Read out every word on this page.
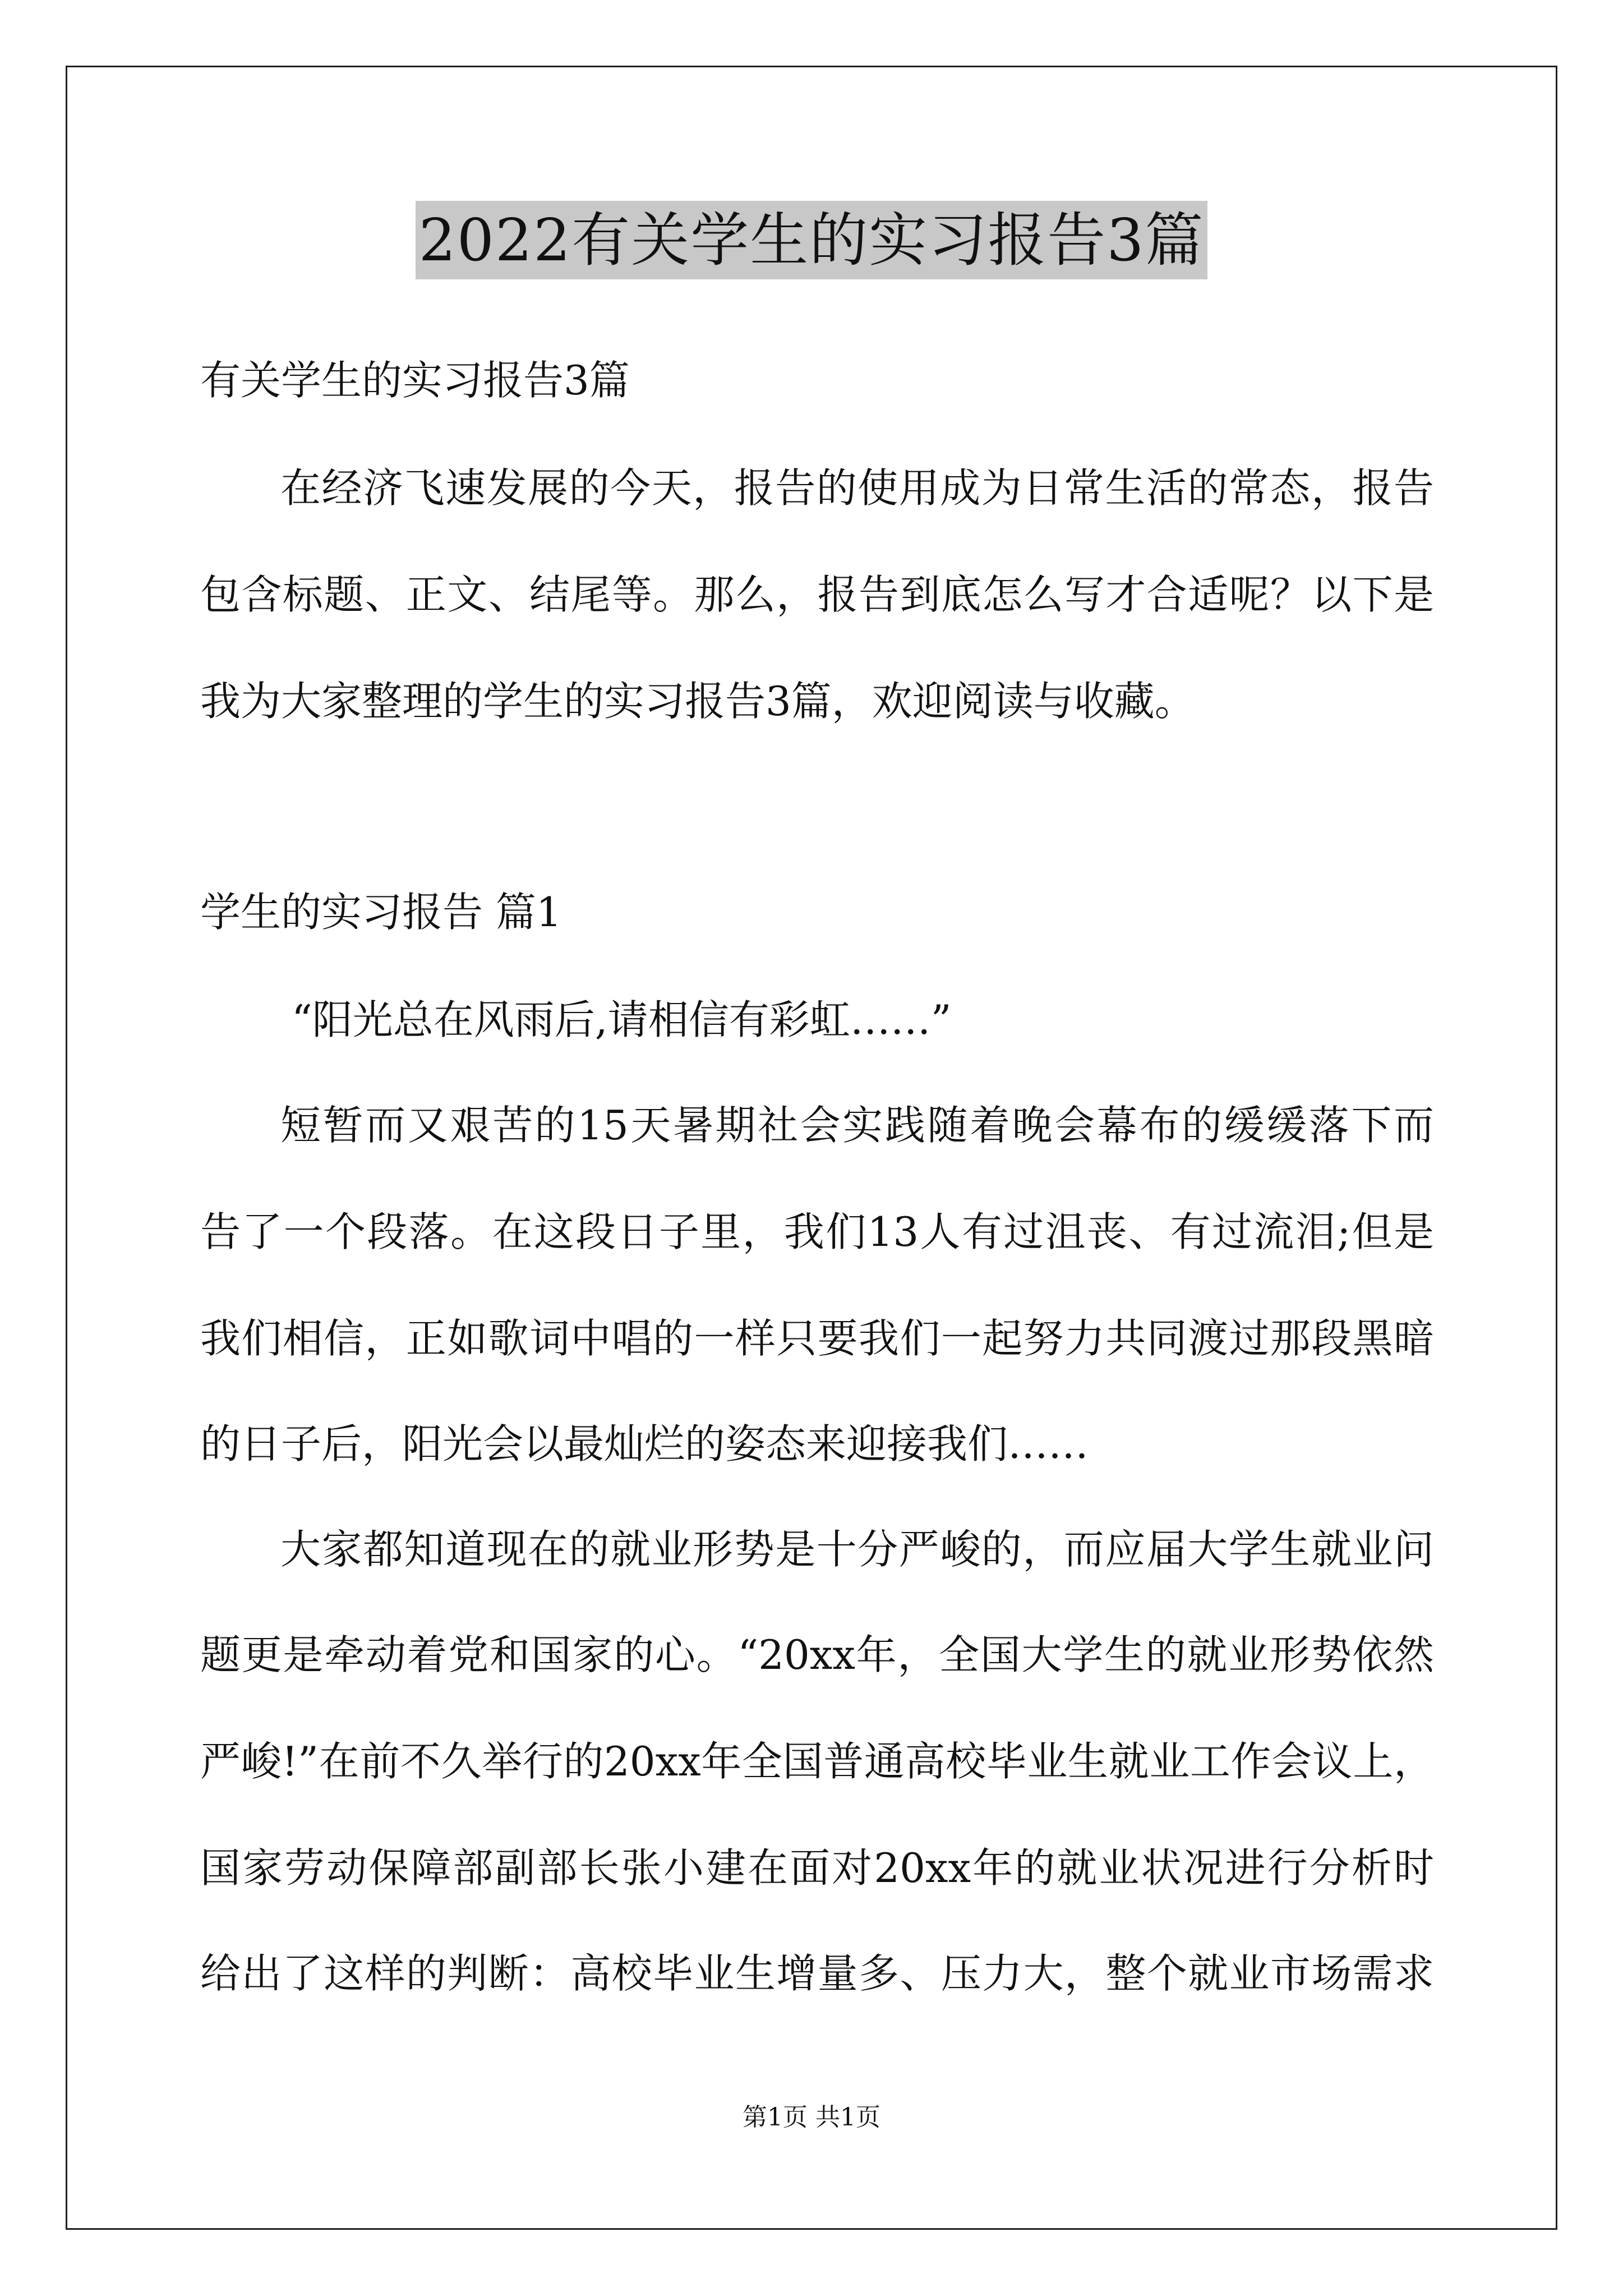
2022有关学生的实习报告3篇
有关学生的实习报告3篇
在经济飞速发展的今天，报告的使用成为日常生活的常态，报告
包含标题、正文、结尾等。那么，报告到底怎么写才合适呢？以下是
我为大家整理的学生的实习报告3篇，欢迎阅读与收藏。
学生的实习报告 篇1
“阳光总在风雨后,请相信有彩虹……”
短暂而又艰苦的15天暑期社会实践随着晚会幕布的缓缓落下而
告了一个段落。在这段日子里，我们13人有过沮丧、有过流泪;但是
我们相信，正如歌词中唱的一样只要我们一起努力共同渡过那段黑暗
的日子后，阳光会以最灿烂的姿态来迎接我们……
大家都知道现在的就业形势是十分严峻的，而应届大学生就业问
题更是牵动着党和国家的心。“20xx年，全国大学生的就业形势依然
严峻!”在前不久举行的20xx年全国普通高校毕业生就业工作会议上，
国家劳动保障部副部长张小建在面对20xx年的就业状况进行分析时
给出了这样的判断：高校毕业生增量多、压力大，整个就业市场需求
第1页 共1页
